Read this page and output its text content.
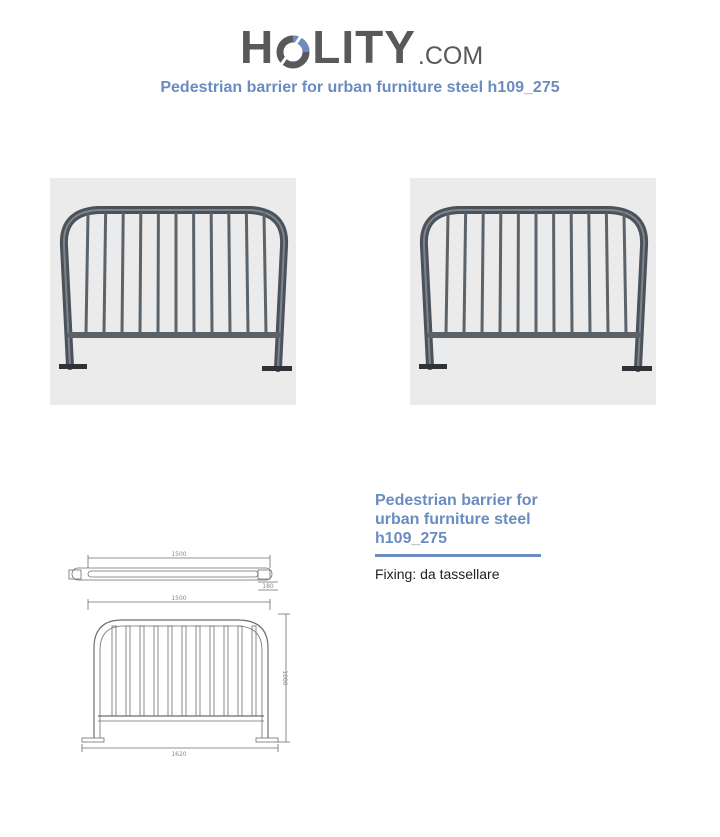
H LITY .COM
Pedestrian barrier for urban furniture steel h109_275
1500
180
1500
1000
1620
Pedestrian barrier for urban furniture steel h109_275
Fixing: da tassellare
